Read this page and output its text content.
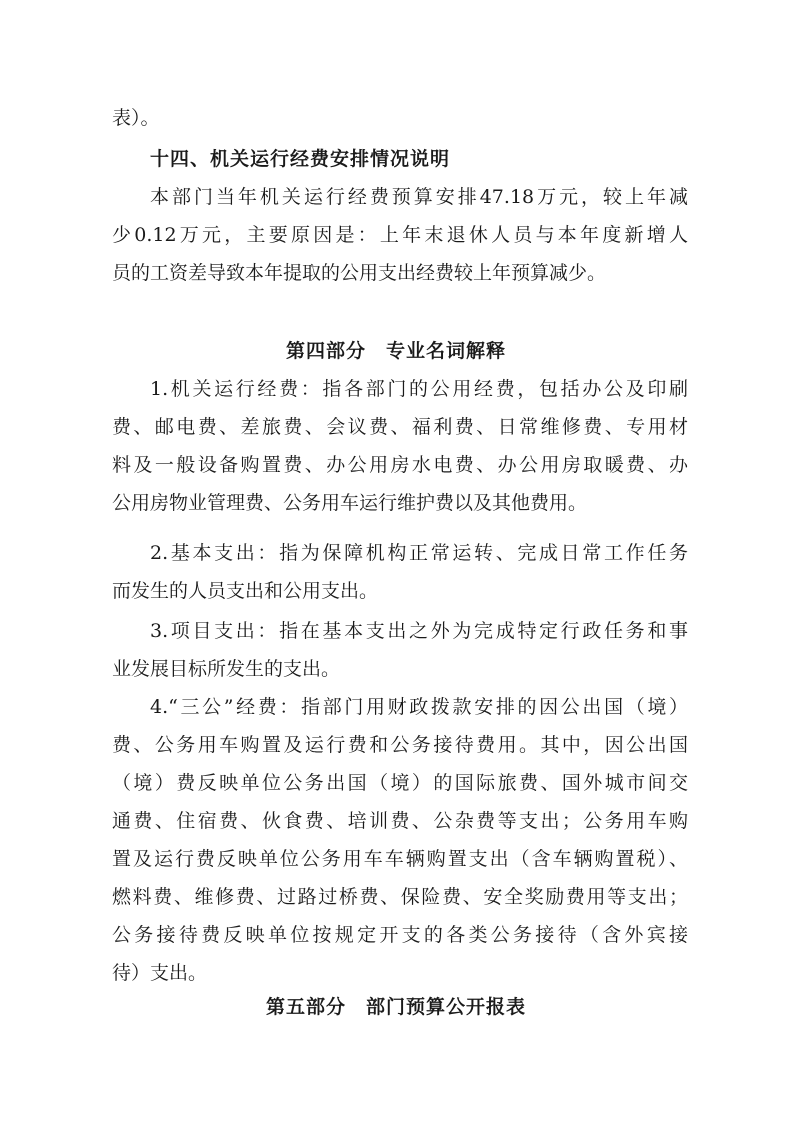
表）。
十四、机关运行经费安排情况说明
本部门当年机关运行经费预算安排47.18万元，较上年减
少0.12万元，主要原因是：上年末退休人员与本年度新增人
员的工资差导致本年提取的公用支出经费较上年预算减少。
第四部分　专业名词解释
1.机关运行经费：指各部门的公用经费，包括办公及印刷
费、邮电费、差旅费、会议费、福利费、日常维修费、专用材
料及一般设备购置费、办公用房水电费、办公用房取暖费、办
公用房物业管理费、公务用车运行维护费以及其他费用。
2.基本支出：指为保障机构正常运转、完成日常工作任务
而发生的人员支出和公用支出。
3.项目支出：指在基本支出之外为完成特定行政任务和事
业发展目标所发生的支出。
4.“三公”经费：指部门用财政拨款安排的因公出国（境）
费、公务用车购置及运行费和公务接待费用。其中，因公出国
（境）费反映单位公务出国（境）的国际旅费、国外城市间交
通费、住宿费、伙食费、培训费、公杂费等支出；公务用车购
置及运行费反映单位公务用车车辆购置支出（含车辆购置税）、
燃料费、维修费、过路过桥费、保险费、安全奖励费用等支出；
公务接待费反映单位按规定开支的各类公务接待（含外宾接
待）支出。
第五部分　部门预算公开报表
